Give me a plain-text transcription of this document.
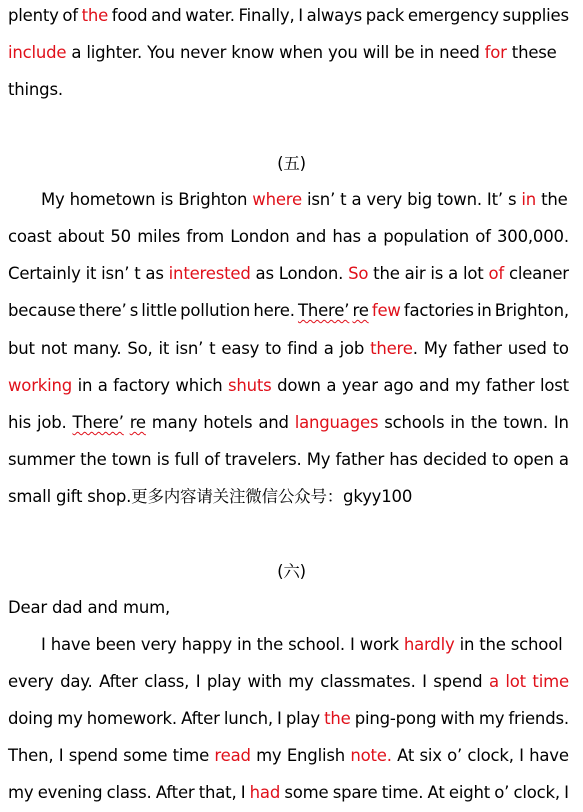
plenty of the food and water. Finally, I always pack emergency supplies
include a lighter. You never know when you will be in need for these
things.
(五)
My hometown is Brighton where isn’ t a very big town. It’ s in the
coast about 50 miles from London and has a population of 300,000.
Certainly it isn’ t as interested as London. So the air is a lot of cleaner
because there’ s little pollution here. There’ re few factories in Brighton,
but not many. So, it isn’ t easy to find a job there. My father used to
working in a factory which shuts down a year ago and my father lost
his job. There’ re many hotels and languages schools in the town. In
summer the town is full of travelers. My father has decided to open a
small gift shop.更多内容请关注微信公众号：gkyy100
(六)
Dear dad and mum,
I have been very happy in the school. I work hardly in the school
every day. After class, I play with my classmates. I spend a lot time
doing my homework. After lunch, I play the ping-pong with my friends.
Then, I spend some time read my English note. At six o’ clock, I have
my evening class. After that, I had some spare time. At eight o’ clock, I
